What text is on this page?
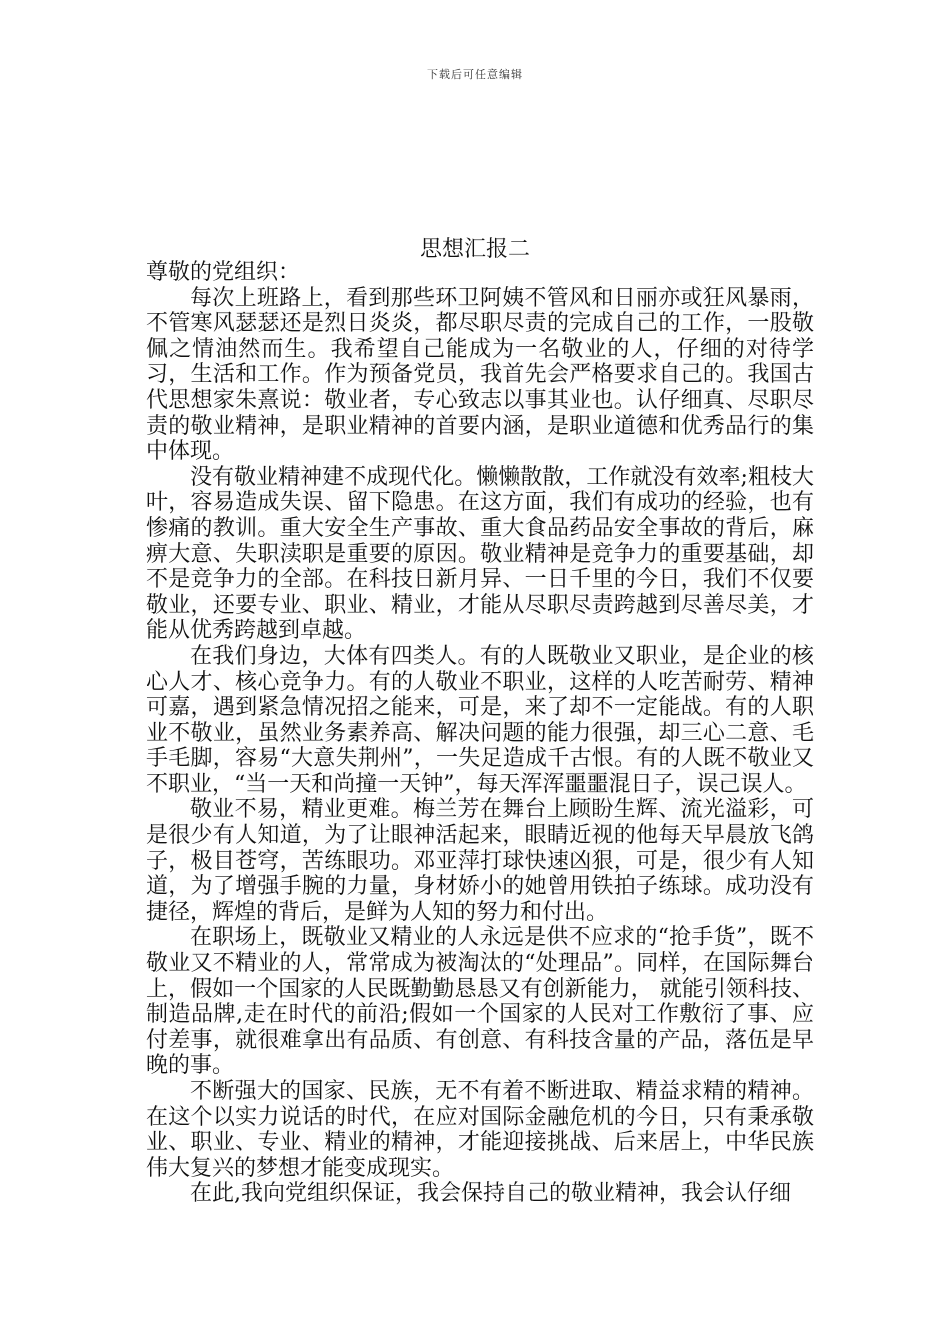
下载后可任意编辑
思想汇报二

尊敬的党组织：

每次上班路上，看到那些环卫阿姨不管风和日丽亦或狂风暴雨，不管寒风瑟瑟还是烈日炎炎，都尽职尽责的完成自己的工作，一股敬佩之情油然而生。我希望自己能成为一名敬业的人，仔细的对待学习，生活和工作。作为预备党员，我首先会严格要求自己的。我国古代思想家朱熹说：敬业者，专心致志以事其业也。认仔细真、尽职尽责的敬业精神，是职业精神的首要内涵，是职业道德和优秀品行的集中体现。

没有敬业精神建不成现代化。懒懒散散，工作就没有效率;粗枝大叶，容易造成失误、留下隐患。在这方面，我们有成功的经验，也有惨痛的教训。重大安全生产事故、重大食品药品安全事故的背后，麻痹大意、失职渎职是重要的原因。敬业精神是竞争力的重要基础，却不是竞争力的全部。在科技日新月异、一日千里的今日，我们不仅要敬业，还要专业、职业、精业，才能从尽职尽责跨越到尽善尽美，才能从优秀跨越到卓越。

在我们身边，大体有四类人。有的人既敬业又职业，是企业的核心人才、核心竞争力。有的人敬业不职业，这样的人吃苦耐劳、精神可嘉，遇到紧急情况招之能来，可是，来了却不一定能战。有的人职业不敬业，虽然业务素养高、解决问题的能力很强，却三心二意、毛手毛脚，容易“大意失荆州”，一失足造成千古恨。有的人既不敬业又不职业，“当一天和尚撞一天钟”，每天浑浑噩噩混日子，误己误人。

敬业不易，精业更难。梅兰芳在舞台上顾盼生辉、流光溢彩，可是很少有人知道，为了让眼神活起来，眼睛近视的他每天早晨放飞鸽子，极目苍穹，苦练眼功。邓亚萍打球快速凶狠，可是，很少有人知道，为了增强手腕的力量，身材娇小的她曾用铁拍子练球。成功没有捷径，辉煌的背后，是鲜为人知的努力和付出。

在职场上，既敬业又精业的人永远是供不应求的“抢手货”，既不敬业又不精业的人，常常成为被淘汰的“处理品”。同样，在国际舞台上，假如一个国家的人民既勤勤恳恳又有创新能力， 就能引领科技、制造品牌,走在时代的前沿;假如一个国家的人民对工作敷衍了事、应付差事，就很难拿出有品质、有创意、有科技含量的产品，落伍是早晚的事。

不断强大的国家、民族，无不有着不断进取、精益求精的精神。在这个以实力说话的时代，在应对国际金融危机的今日，只有秉承敬业、职业、专业、精业的精神，才能迎接挑战、后来居上，中华民族伟大复兴的梦想才能变成现实。

在此,我向党组织保证，我会保持自己的敬业精神，我会认仔细
